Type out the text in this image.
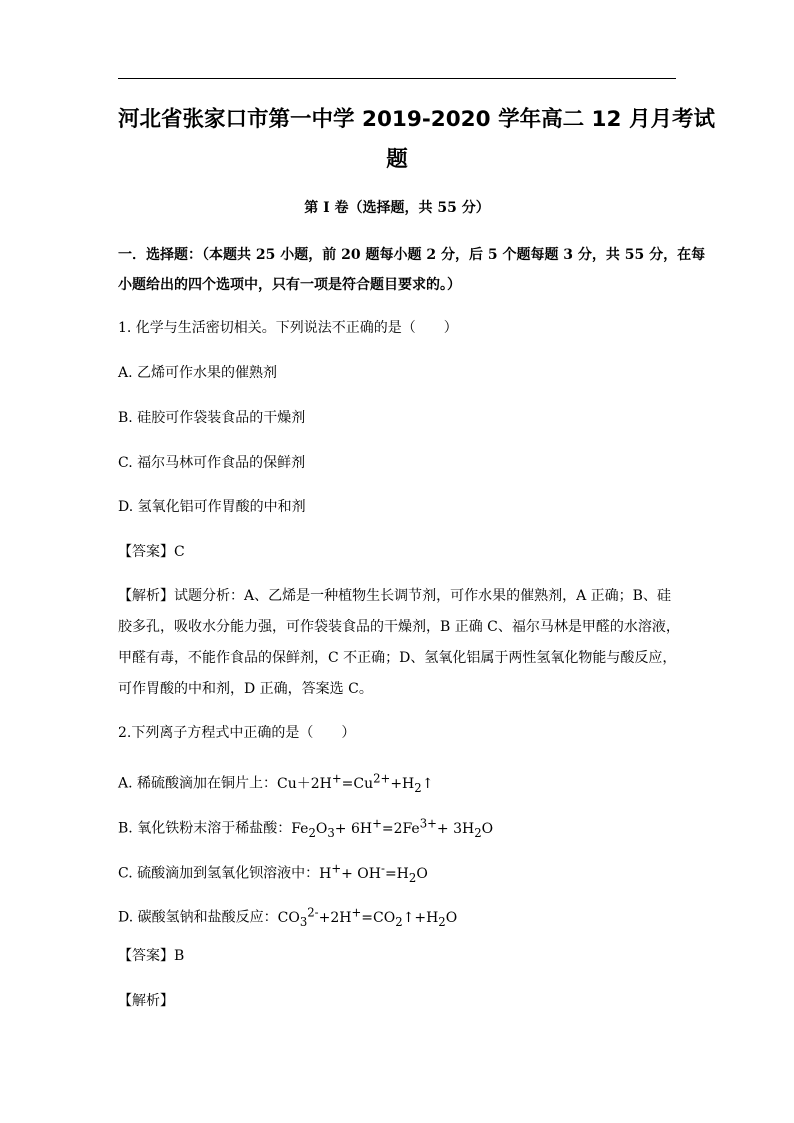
河北省张家口市第一中学 2019-2020 学年高二 12 月月考试
题
第 I 卷（选择题，共 55 分）

一．选择题：（本题共 25 小题，前 20 题每小题 2 分，后 5 个题每题 3 分，共 55 分，在每

小题给出的四个选项中，只有一项是符合题目要求的。）

1. 化学与生活密切相关。下列说法不正确的是（　　）

A. 乙烯可作水果的催熟剂

B. 硅胶可作袋装食品的干燥剂

C. 福尔马林可作食品的保鲜剂

D. 氢氧化铝可作胃酸的中和剂

【答案】C

【解析】试题分析：A、乙烯是一种植物生长调节剂，可作水果的催熟剂，A 正确；B、硅

胶多孔，吸收水分能力强，可作袋装食品的干燥剂，B 正确 C、福尔马林是甲醛的水溶液，

甲醛有毒，不能作食品的保鲜剂，C 不正确；D、氢氧化铝属于两性氢氧化物能与酸反应，

可作胃酸的中和剂，D 正确，答案选 C。

2.下列离子方程式中正确的是（　　）

A. 稀硫酸滴加在铜片上：$Cu+2H^+=Cu^{2+}+H_2↑$

B. 氧化铁粉末溶于稀盐酸：$Fe_2O_3+ 6H^+=2Fe^{3+}+ 3H_2O$

C. 硫酸滴加到氢氧化钡溶液中：$H^++ OH^-=H_2O$

D. 碳酸氢钠和盐酸反应：$CO_3^{2-}+2H^+=CO_2↑+H_2O$

【答案】B

【解析】
